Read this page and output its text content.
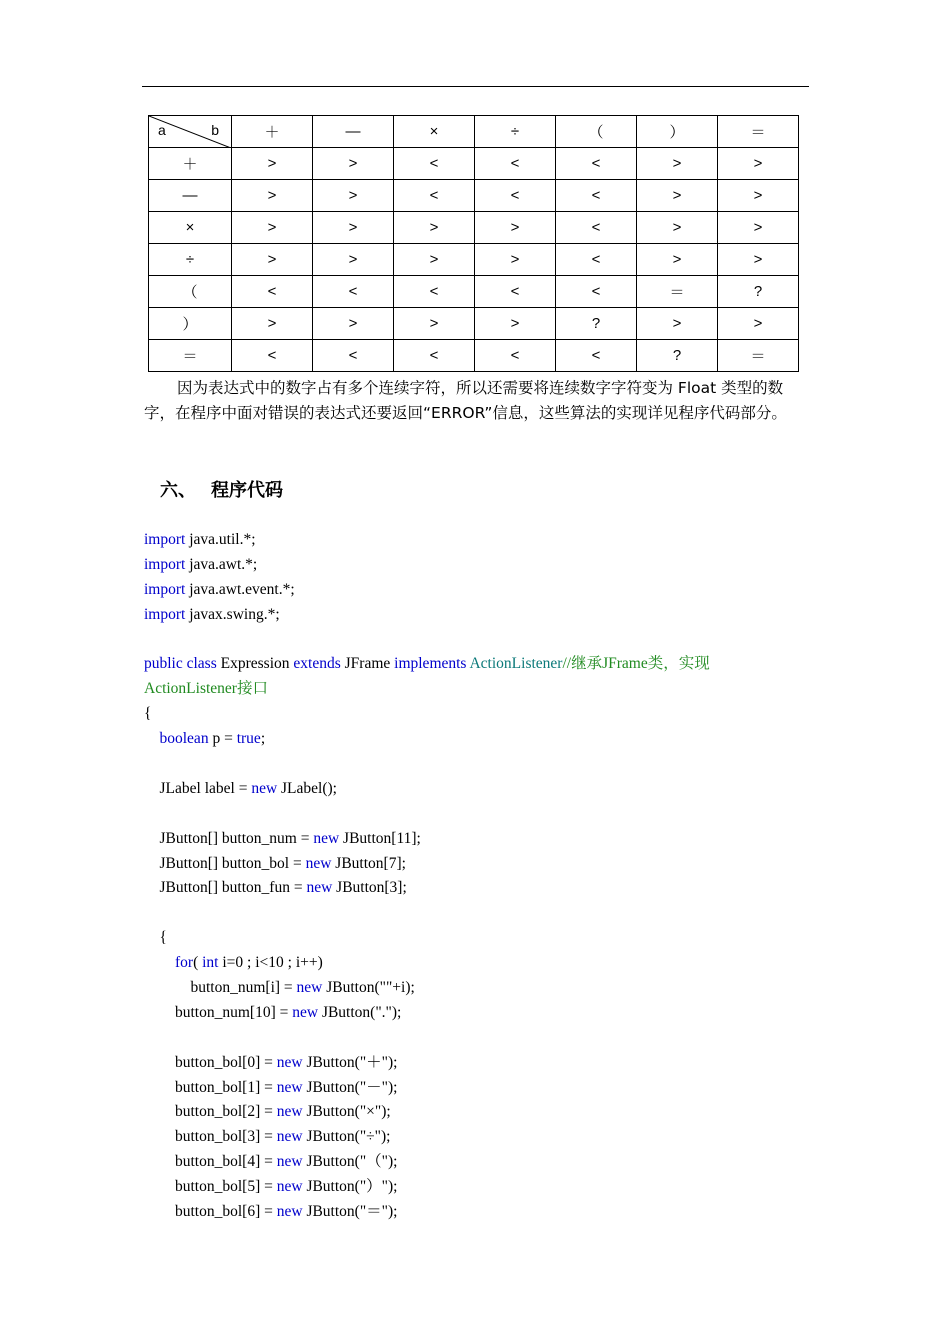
a b	＋	—	×	÷	（	）	＝
＋	>	>	<	<	<	>	>
—	>	>	<	<	<	>	>
×	>	>	>	>	<	>	>
÷	>	>	>	>	<	>	>
（	<	<	<	<	<	＝	?
）	>	>	>	>	?	>	>
＝	<	<	<	<	<	?	＝

因为表达式中的数字占有多个连续字符，所以还需要将连续数字字符变为 Float 类型的数字，在程序中面对错误的表达式还要返回“ERROR”信息，这些算法的实现详见程序代码部分。

六、 程序代码
import java.util.*;
import java.awt.*;
import java.awt.event.*;
import javax.swing.*;
public class Expression extends JFrame implements ActionListener//继承JFrame类，实现
ActionListener接口
{
boolean p = true;
JLabel label = new JLabel();
JButton[] button_num = new JButton[11];
JButton[] button_bol = new JButton[7];
JButton[] button_fun = new JButton[3];
{
for( int i=0 ; i<10 ; i++)
button_num[i] = new JButton(""+i);
button_num[10] = new JButton(".");
button_bol[0] = new JButton("＋");
button_bol[1] = new JButton("－");
button_bol[2] = new JButton("×");
button_bol[3] = new JButton("÷");
button_bol[4] = new JButton("（");
button_bol[5] = new JButton("）");
button_bol[6] = new JButton("＝");
